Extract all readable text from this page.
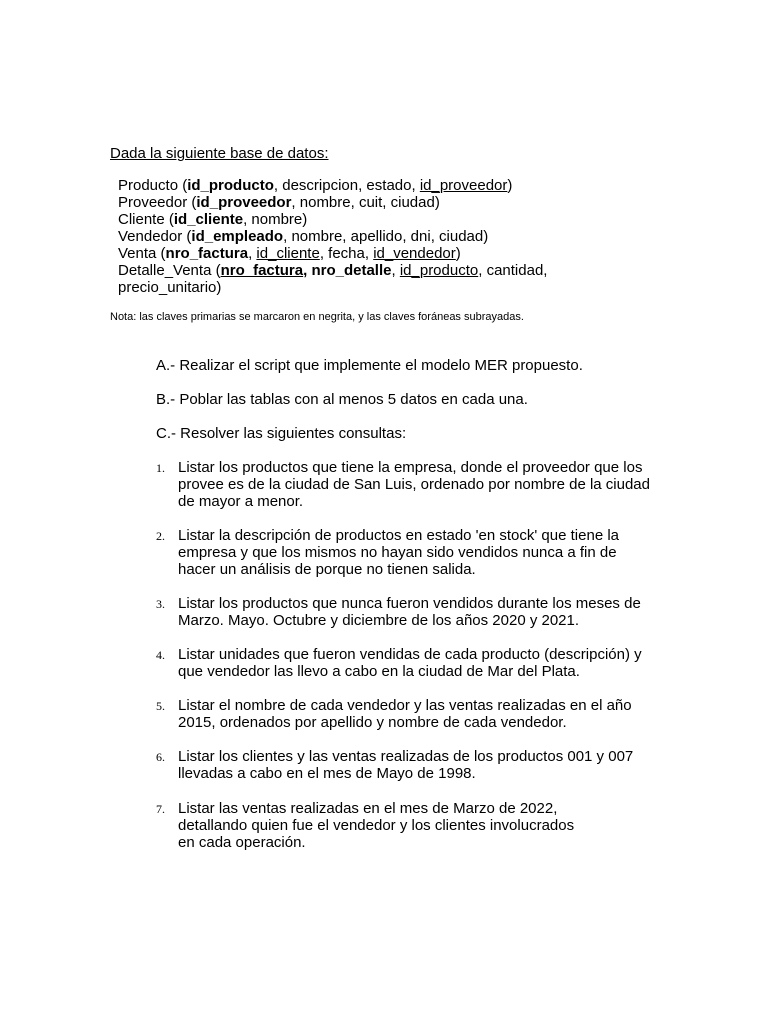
Dada la siguiente base de datos:
Producto (id_producto, descripcion, estado, id_proveedor)
Proveedor (id_proveedor, nombre, cuit, ciudad)
Cliente (id_cliente, nombre)
Vendedor (id_empleado, nombre, apellido, dni, ciudad)
Venta (nro_factura, id_cliente, fecha, id_vendedor)
Detalle_Venta (nro_factura, nro_detalle, id_producto, cantidad,
precio_unitario)
Nota: las claves primarias se marcaron en negrita, y las claves foráneas subrayadas.
A.- Realizar el script que implemente el modelo MER propuesto.
B.- Poblar las tablas con al menos 5 datos en cada una.
C.- Resolver las siguientes consultas:
1. Listar los productos que tiene la empresa, donde el proveedor que los
provee es de la ciudad de San Luis, ordenado por nombre de la ciudad
de mayor a menor.
2. Listar la descripción de productos en estado 'en stock' que tiene la
empresa y que los mismos no hayan sido vendidos nunca a fin de
hacer un análisis de porque no tienen salida.
3. Listar los productos que nunca fueron vendidos durante los meses de
Marzo. Mayo. Octubre y diciembre de los años 2020 y 2021.
4. Listar unidades que fueron vendidas de cada producto (descripción) y
que vendedor las llevo a cabo en la ciudad de Mar del Plata.
5. Listar el nombre de cada vendedor y las ventas realizadas en el año
2015, ordenados por apellido y nombre de cada vendedor.
6. Listar los clientes y las ventas realizadas de los productos 001 y 007
llevadas a cabo en el mes de Mayo de 1998.
7. Listar las ventas realizadas en el mes de Marzo de 2022,
detallando quien fue el vendedor y los clientes involucrados
en cada operación.
